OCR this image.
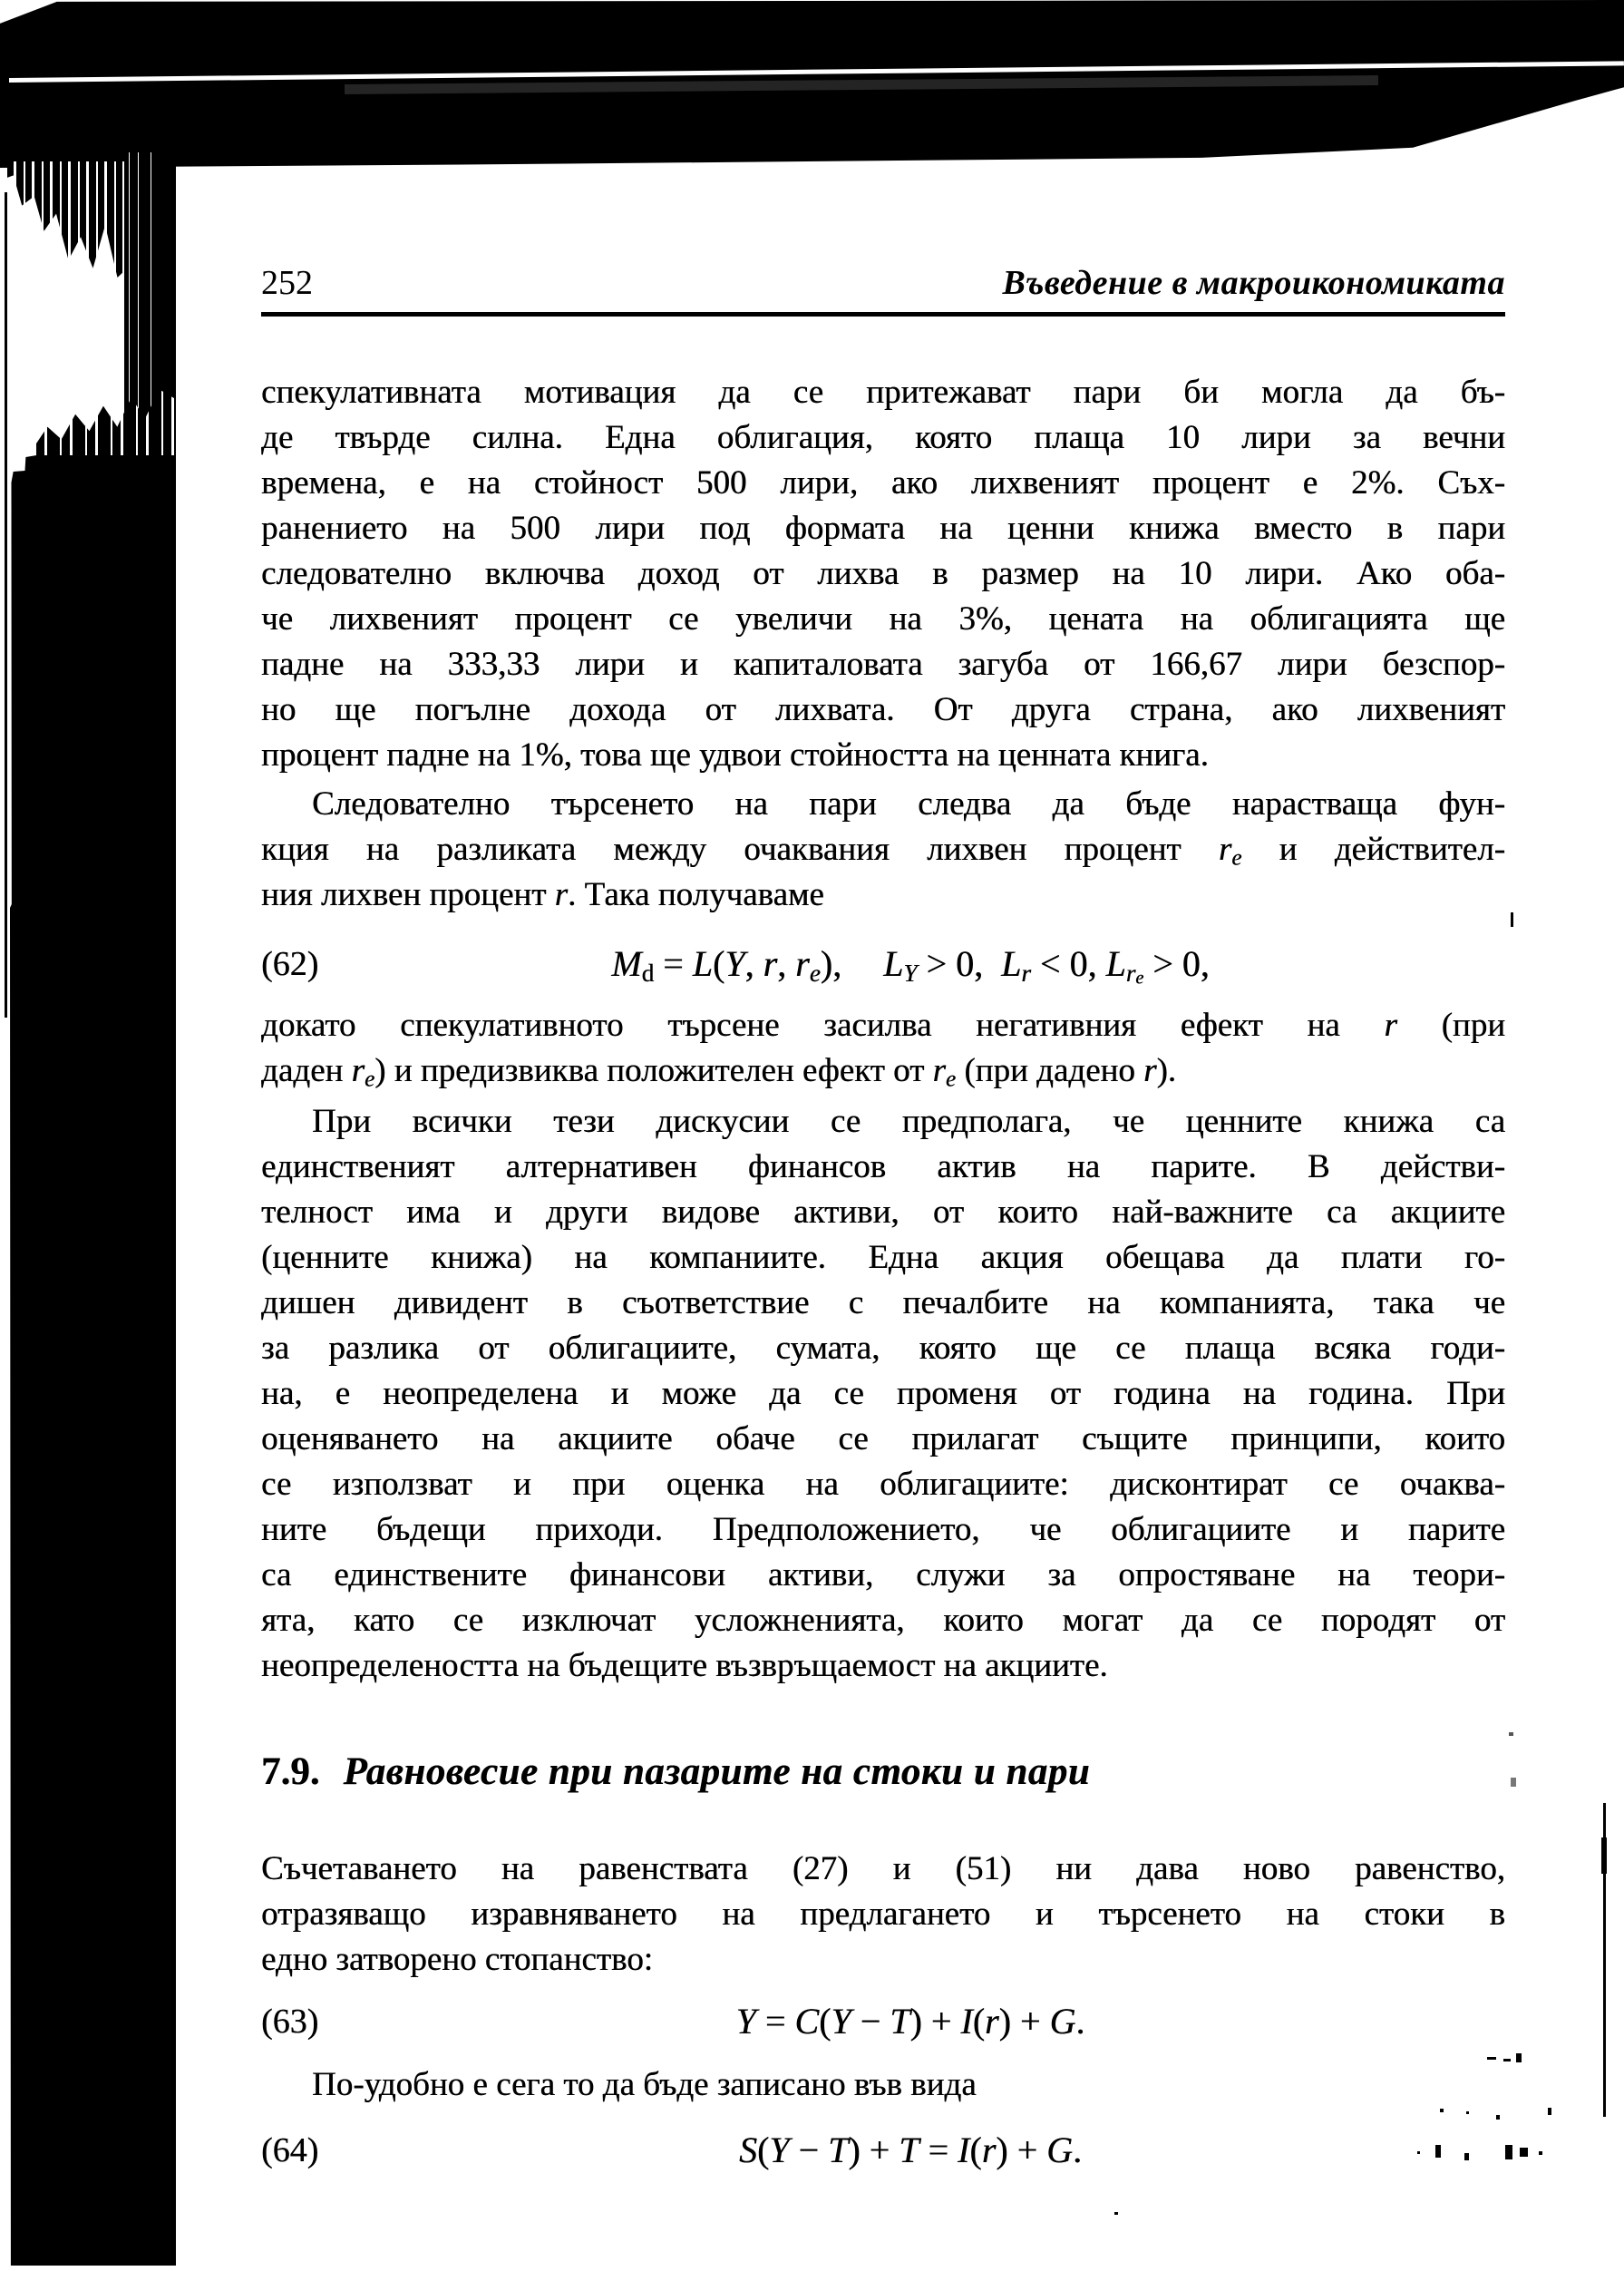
252	Въведение в макроикономиката
спекулативната мотивация да се притежават пари би могла да бъ-
де твърде силна. Една облигация, която плаща 10 лири за вечни
времена, е на стойност 500 лири, ако лихвеният процент е 2%. Съх-
ранението на 500 лири под формата на ценни книжа вместо в пари
следователно включва доход от лихва в размер на 10 лири. Ако оба-
че лихвеният процент се увеличи на 3%, цената на облигацията ще
падне на 333,33 лири и капиталовата загуба от 166,67 лири безспор-
но ще погълне дохода от лихвата. От друга страна, ако лихвеният
процент падне на 1%, това ще удвои стойността на ценната книга.
Следователно търсенето на пари следва да бъде нарастваща фун-
кция на разликата между очаквания лихвен процент re и действител-
ния лихвен процент r. Така получаваме
(62)	Md = L(Y, r, re), LY > 0,  Lr < 0, $Lr_e > 0$,
докато спекулативното търсене засилва негативния ефект на r (при
даден re) и предизвиква положителен ефект от re (при дадено r).
При всички тези дискусии се предполага, че ценните книжа са
единственият алтернативен финансов актив на парите. В действи-
телност има и други видове активи, от които най-важните са акциите
(ценните книжа) на компаниите. Една акция обещава да плати го-
дишен дивидент в съответствие с печалбите на компанията, така че
за разлика от облигациите, сумата, която ще се плаща всяка годи-
на, е неопределена и може да се променя от година на година. При
оценяването на акциите обаче се прилагат същите принципи, които
се използват и при оценка на облигациите: дисконтират се очаква-
ните бъдещи приходи. Предположението, че облигациите и парите
са единствените финансови активи, служи за опростяване на теори-
ята, като се изключат усложненията, които могат да се породят от
неопределеността на бъдещите възвръщаемост на акциите.
7.9. Равновесие при пазарите на стоки и пари
Съчетаването на равенствата (27) и (51) ни дава ново равенство,
отразяващо изравняването на предлагането и търсенето на стоки в
едно затворено стопанство:
(63)	Y = C(Y − T) + I(r) + G.
По-удобно е сега то да бъде записано във вида
(64)	S(Y − T) + T = I(r) + G.
